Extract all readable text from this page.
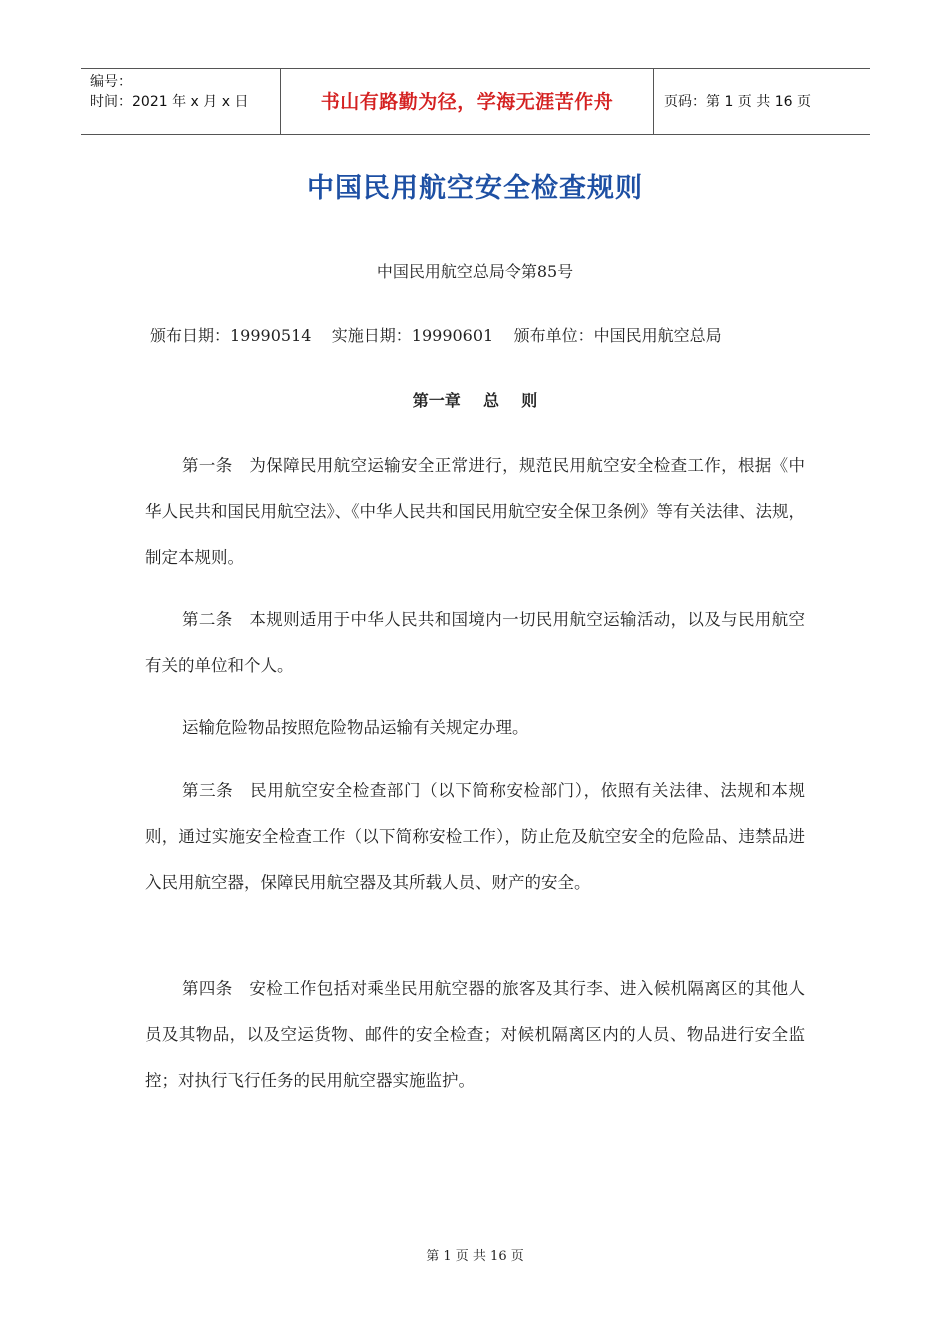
编号：
时间：2021 年 x 月 x 日	书山有路勤为径，学海无涯苦作舟	页码：第 1 页 共 16 页
中国民用航空安全检查规则
中国民用航空总局令第85号
颁布日期：19990514    实施日期：19990601    颁布单位：中国民用航空总局
第一章    总    则

第一条　为保障民用航空运输安全正常进行，规范民用航空安全检查工作，根据《中华人民共和国民用航空法》、《中华人民共和国民用航空安全保卫条例》等有关法律、法规，制定本规则。

第二条　本规则适用于中华人民共和国境内一切民用航空运输活动，以及与民用航空有关的单位和个人。

运输危险物品按照危险物品运输有关规定办理。

第三条　民用航空安全检查部门（以下简称安检部门），依照有关法律、法规和本规则，通过实施安全检查工作（以下简称安检工作），防止危及航空安全的危险品、违禁品进入民用航空器，保障民用航空器及其所载人员、财产的安全。

第四条　安检工作包括对乘坐民用航空器的旅客及其行李、进入候机隔离区的其他人员及其物品，以及空运货物、邮件的安全检查；对候机隔离区内的人员、物品进行安全监控；对执行飞行任务的民用航空器实施监护。

第 1 页 共 16 页
